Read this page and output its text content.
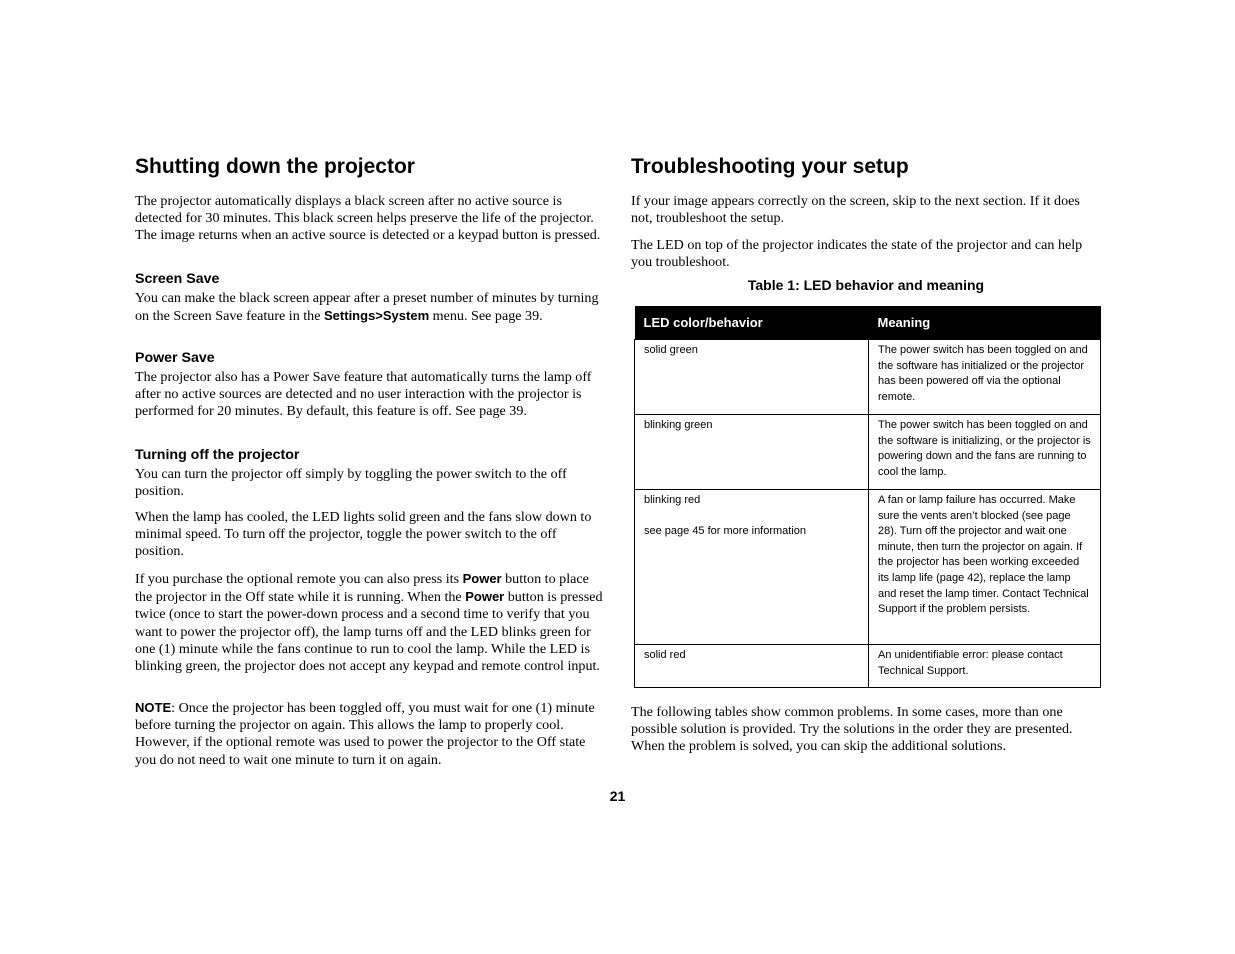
Shutting down the projector

The projector automatically displays a black screen after no active source is detected for 30 minutes. This black screen helps preserve the life of the projector. The image returns when an active source is detected or a keypad button is pressed.

Screen Save

You can make the black screen appear after a preset number of minutes by turning on the Screen Save feature in the Settings>System menu. See page 39.

Power Save

The projector also has a Power Save feature that automatically turns the lamp off after no active sources are detected and no user interaction with the projector is performed for 20 minutes. By default, this feature is off. See page 39.

Turning off the projector

You can turn the projector off simply by toggling the power switch to the off position.

When the lamp has cooled, the LED lights solid green and the fans slow down to minimal speed. To turn off the projector, toggle the power switch to the off position.

If you purchase the optional remote you can also press its Power button to place the projector in the Off state while it is running. When the Power button is pressed twice (once to start the power-down process and a second time to verify that you want to power the projector off), the lamp turns off and the LED blinks green for one (1) minute while the fans continue to run to cool the lamp. While the LED is blinking green, the projector does not accept any keypad and remote control input.

NOTE: Once the projector has been toggled off, you must wait for one (1) minute before turning the projector on again. This allows the lamp to properly cool. However, if the optional remote was used to power the projector to the Off state you do not need to wait one minute to turn it on again.

Troubleshooting your setup

If your image appears correctly on the screen, skip to the next section. If it does not, troubleshoot the setup.

The LED on top of the projector indicates the state of the projector and can help you troubleshoot.

Table 1: LED behavior and meaning
LED color/behavior	Meaning
solid green	The power switch has been toggled on and the software has initialized or the projector has been powered off via the optional remote.
blinking green	The power switch has been toggled on and the software is initializing, or the projector is powering down and the fans are running to cool the lamp.
blinking red
see page 45 for more information	A fan or lamp failure has occurred. Make sure the vents aren’t blocked (see page 28). Turn off the projector and wait one minute, then turn the projector on again. If the projector has been working exceeded its lamp life (page 42), replace the lamp and reset the lamp timer. Contact Technical Support if the problem persists.
solid red	An unidentifiable error: please contact Technical Support.

The following tables show common problems. In some cases, more than one possible solution is provided. Try the solutions in the order they are presented. When the problem is solved, you can skip the additional solutions.

21
